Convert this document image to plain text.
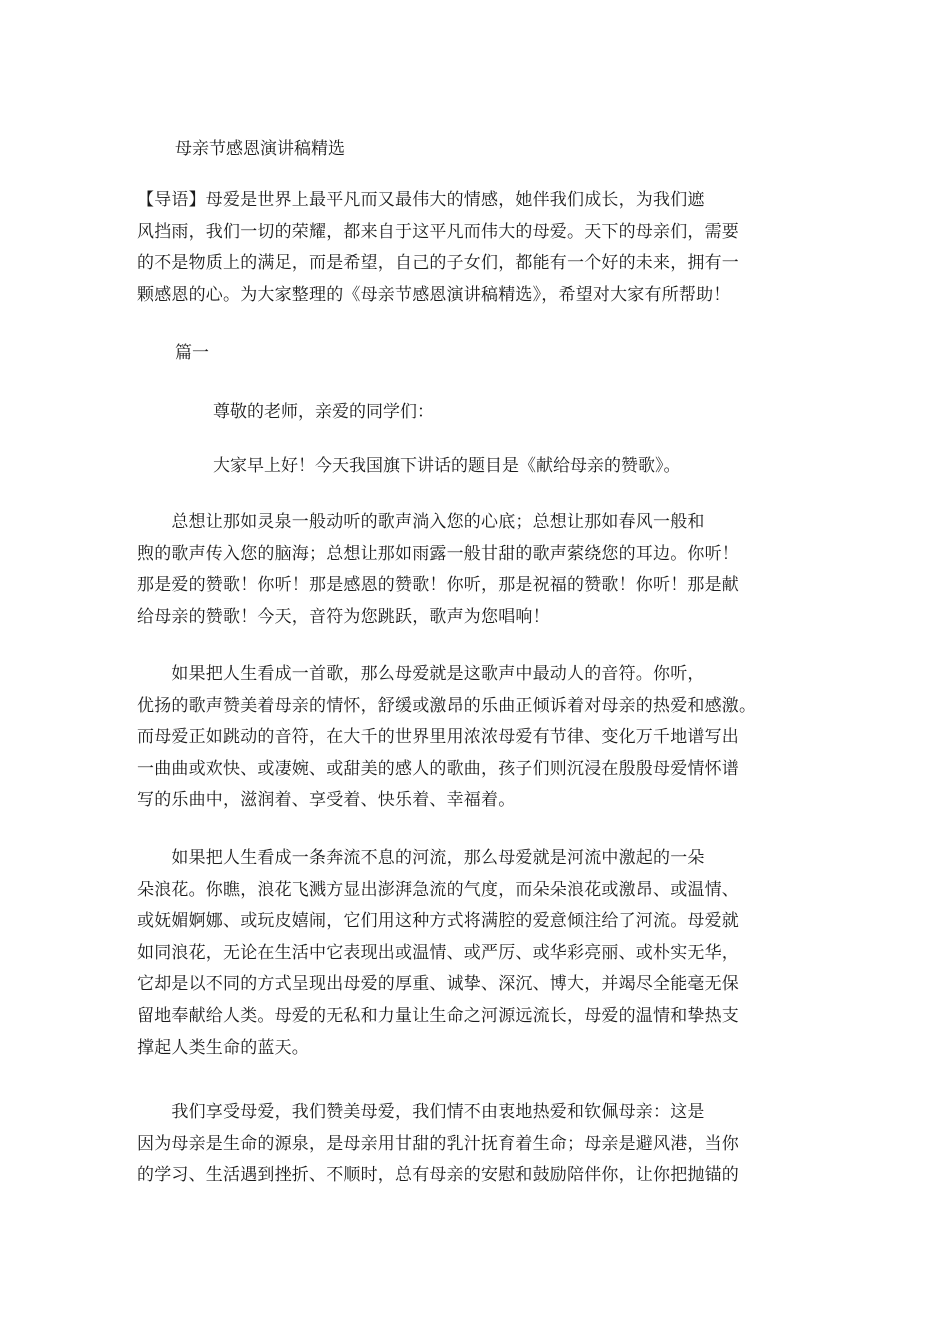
母亲节感恩演讲稿精选
【导语】母爱是世界上最平凡而又最伟大的情感，她伴我们成长，为我们遮
风挡雨，我们一切的荣耀，都来自于这平凡而伟大的母爱。天下的母亲们，需要
的不是物质上的满足，而是希望，自己的子女们，都能有一个好的未来，拥有一
颗感恩的心。为大家整理的《母亲节感恩演讲稿精选》，希望对大家有所帮助！
篇一
尊敬的老师，亲爱的同学们：
大家早上好！今天我国旗下讲话的题目是《献给母亲的赞歌》。
　　总想让那如灵泉一般动听的歌声淌入您的心底；总想让那如春风一般和
煦的歌声传入您的脑海；总想让那如雨露一般甘甜的歌声萦绕您的耳边。你听！
那是爱的赞歌！你听！那是感恩的赞歌！你听，那是祝福的赞歌！你听！那是献
给母亲的赞歌！今天，音符为您跳跃，歌声为您唱响！
　　如果把人生看成一首歌，那么母爱就是这歌声中最动人的音符。你听，
优扬的歌声赞美着母亲的情怀，舒缓或激昂的乐曲正倾诉着对母亲的热爱和感激。
而母爱正如跳动的音符，在大千的世界里用浓浓母爱有节律、变化万千地谱写出
一曲曲或欢快、或凄婉、或甜美的感人的歌曲，孩子们则沉浸在殷殷母爱情怀谱
写的乐曲中，滋润着、享受着、快乐着、幸福着。
　　如果把人生看成一条奔流不息的河流，那么母爱就是河流中激起的一朵
朵浪花。你瞧，浪花飞溅方显出澎湃急流的气度，而朵朵浪花或激昂、或温情、
或妩媚婀娜、或玩皮嬉闹，它们用这种方式将满腔的爱意倾注给了河流。母爱就
如同浪花，无论在生活中它表现出或温情、或严厉、或华彩亮丽、或朴实无华，
它却是以不同的方式呈现出母爱的厚重、诚挚、深沉、博大，并竭尽全能毫无保
留地奉献给人类。母爱的无私和力量让生命之河源远流长，母爱的温情和挚热支
撑起人类生命的蓝天。
　　我们享受母爱，我们赞美母爱，我们情不由衷地热爱和钦佩母亲：这是
因为母亲是生命的源泉，是母亲用甘甜的乳汁抚育着生命；母亲是避风港，当你
的学习、生活遇到挫折、不顺时，总有母亲的安慰和鼓励陪伴你，让你把抛锚的
